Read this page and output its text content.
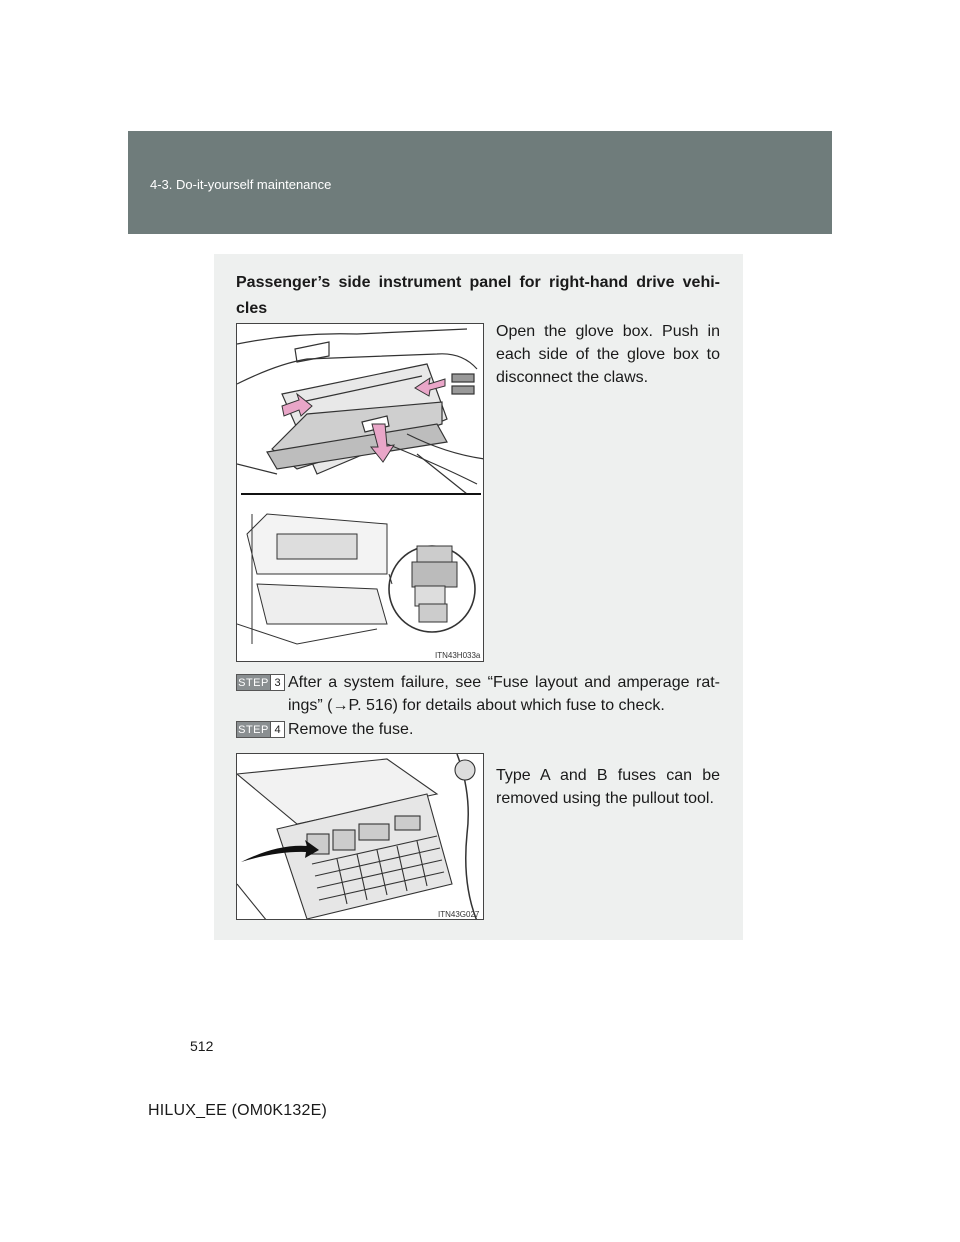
4-3. Do-it-yourself maintenance
Passenger’s side instrument panel for right-hand drive vehi-cles
ITN43H033a
Open the glove box. Push in each side of the glove box to disconnect the claws.
STEP 3 After a system failure, see “Fuse layout and amperage rat-ings” (→P. 516) for details about which fuse to check.
STEP 4 Remove the fuse.
ITN43G027
Type A and B fuses can be removed using the pullout tool.
512
HILUX_EE (OM0K132E)
